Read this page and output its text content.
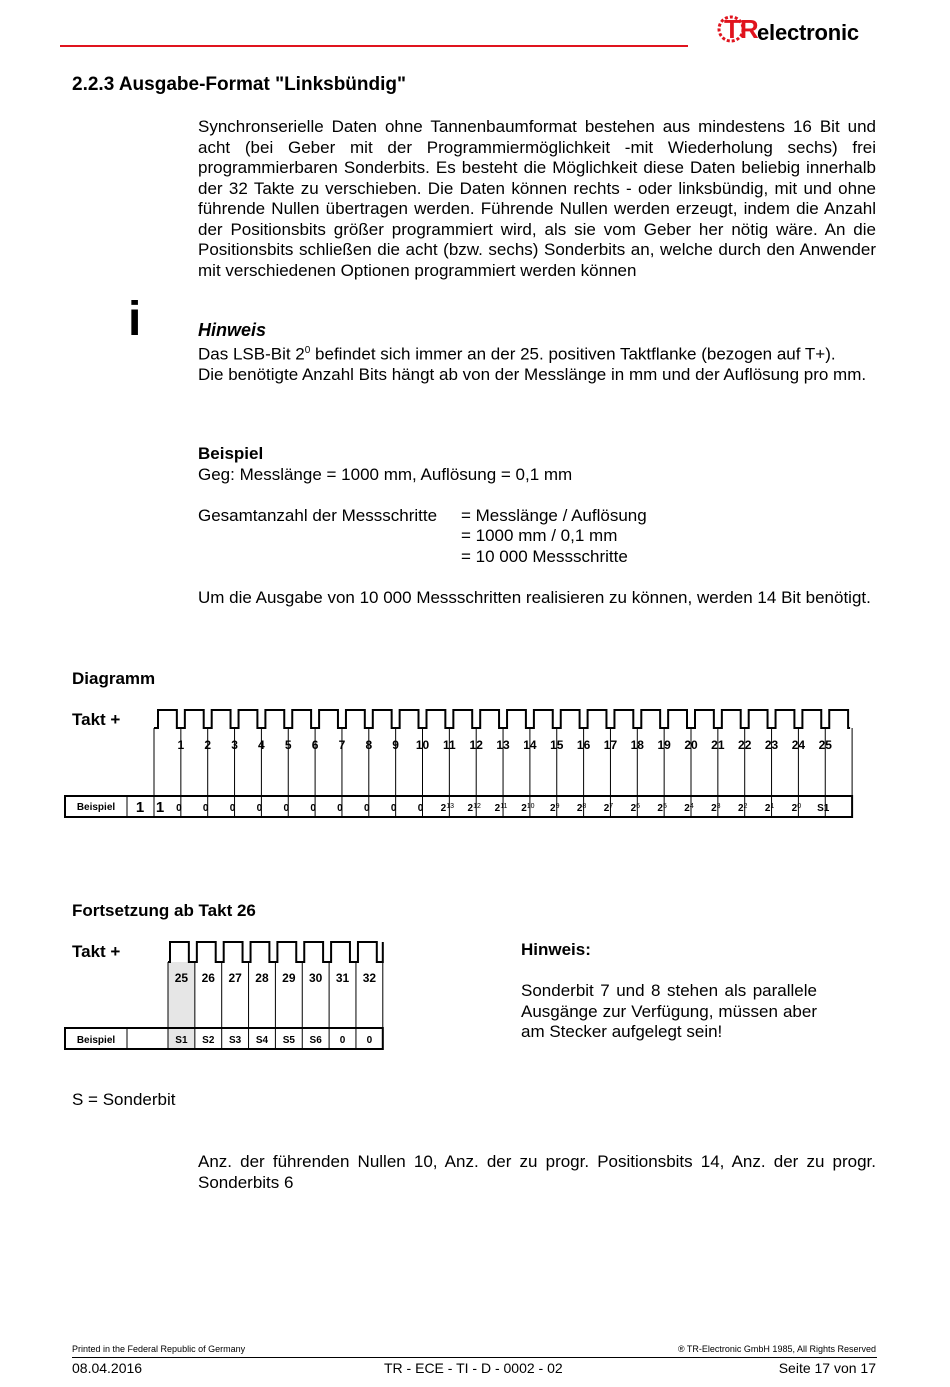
TR
electronic
2.2.3 Ausgabe-Format "Linksbündig"

Synchronserielle Daten ohne Tannenbaumformat bestehen aus mindestens 16 Bit und acht (bei Geber mit der Programmiermöglichkeit -mit Wiederholung sechs) frei programmierbaren Sonderbits. Es besteht die Möglichkeit diese Daten beliebig innerhalb der 32 Takte zu verschieben. Die Daten können rechts - oder linksbündig, mit und ohne führende Nullen übertragen werden. Führende Nullen werden erzeugt, indem die Anzahl der Positionsbits größer programmiert wird, als sie vom Geber her nötig wäre. An die Positionsbits schließen die acht (bzw. sechs) Sonderbits an, welche durch den Anwender mit verschiedenen Optionen programmiert werden können

i	Hinweis
Das LSB-Bit $2^0$ befindet sich immer an der 25. positiven Taktflanke (bezogen auf T+).
Die benötigte Anzahl Bits hängt ab von der Messlänge in mm und der Auflösung pro mm.
Beispiel
Geg: Messlänge = 1000 mm, Auflösung = 0,1 mm
Gesamtanzahl der Messschritte = Messlänge / Auflösung
= 1000 mm / 0,1 mm
= 10 000 Messschritte
Um die Ausgabe von 10 000 Messschritten realisieren zu können, werden 14 Bit benötigt.
Diagramm
Takt +
1 2 3 4 5 6 7 8 9 10 11 12 13 14 15 16 17 18 19 20 21 22 23 24 25
Beispiel 1 1 0 0 0 0 0 0 0 0 0 0 $2^{13}$ $2^{12}$ $2^{11}$ $2^{10}$ $2^9$ $2^8$ $2^7$ $2^6$ $2^5$ $2^4$ $2^3$ $2^2$ $2^1$ $2^0$ S1
Fortsetzung ab Takt 26
Takt +
25 26 27 28 29 30 31 32
Beispiel	S1 S2 S3 S4 S5 S6 0 0
Hinweis:
Sonderbit 7 und 8 stehen als parallele Ausgänge zur Verfügung, müssen aber am Stecker aufgelegt sein!
S = Sonderbit
Anz. der führenden Nullen 10, Anz. der zu progr. Positionsbits 14, Anz. der zu progr. Sonderbits 6
Printed in the Federal Republic of Germany	® TR-Electronic GmbH 1985, All Rights Reserved
08.04.2016	TR - ECE - TI - D - 0002 - 02	Seite 17 von 17
